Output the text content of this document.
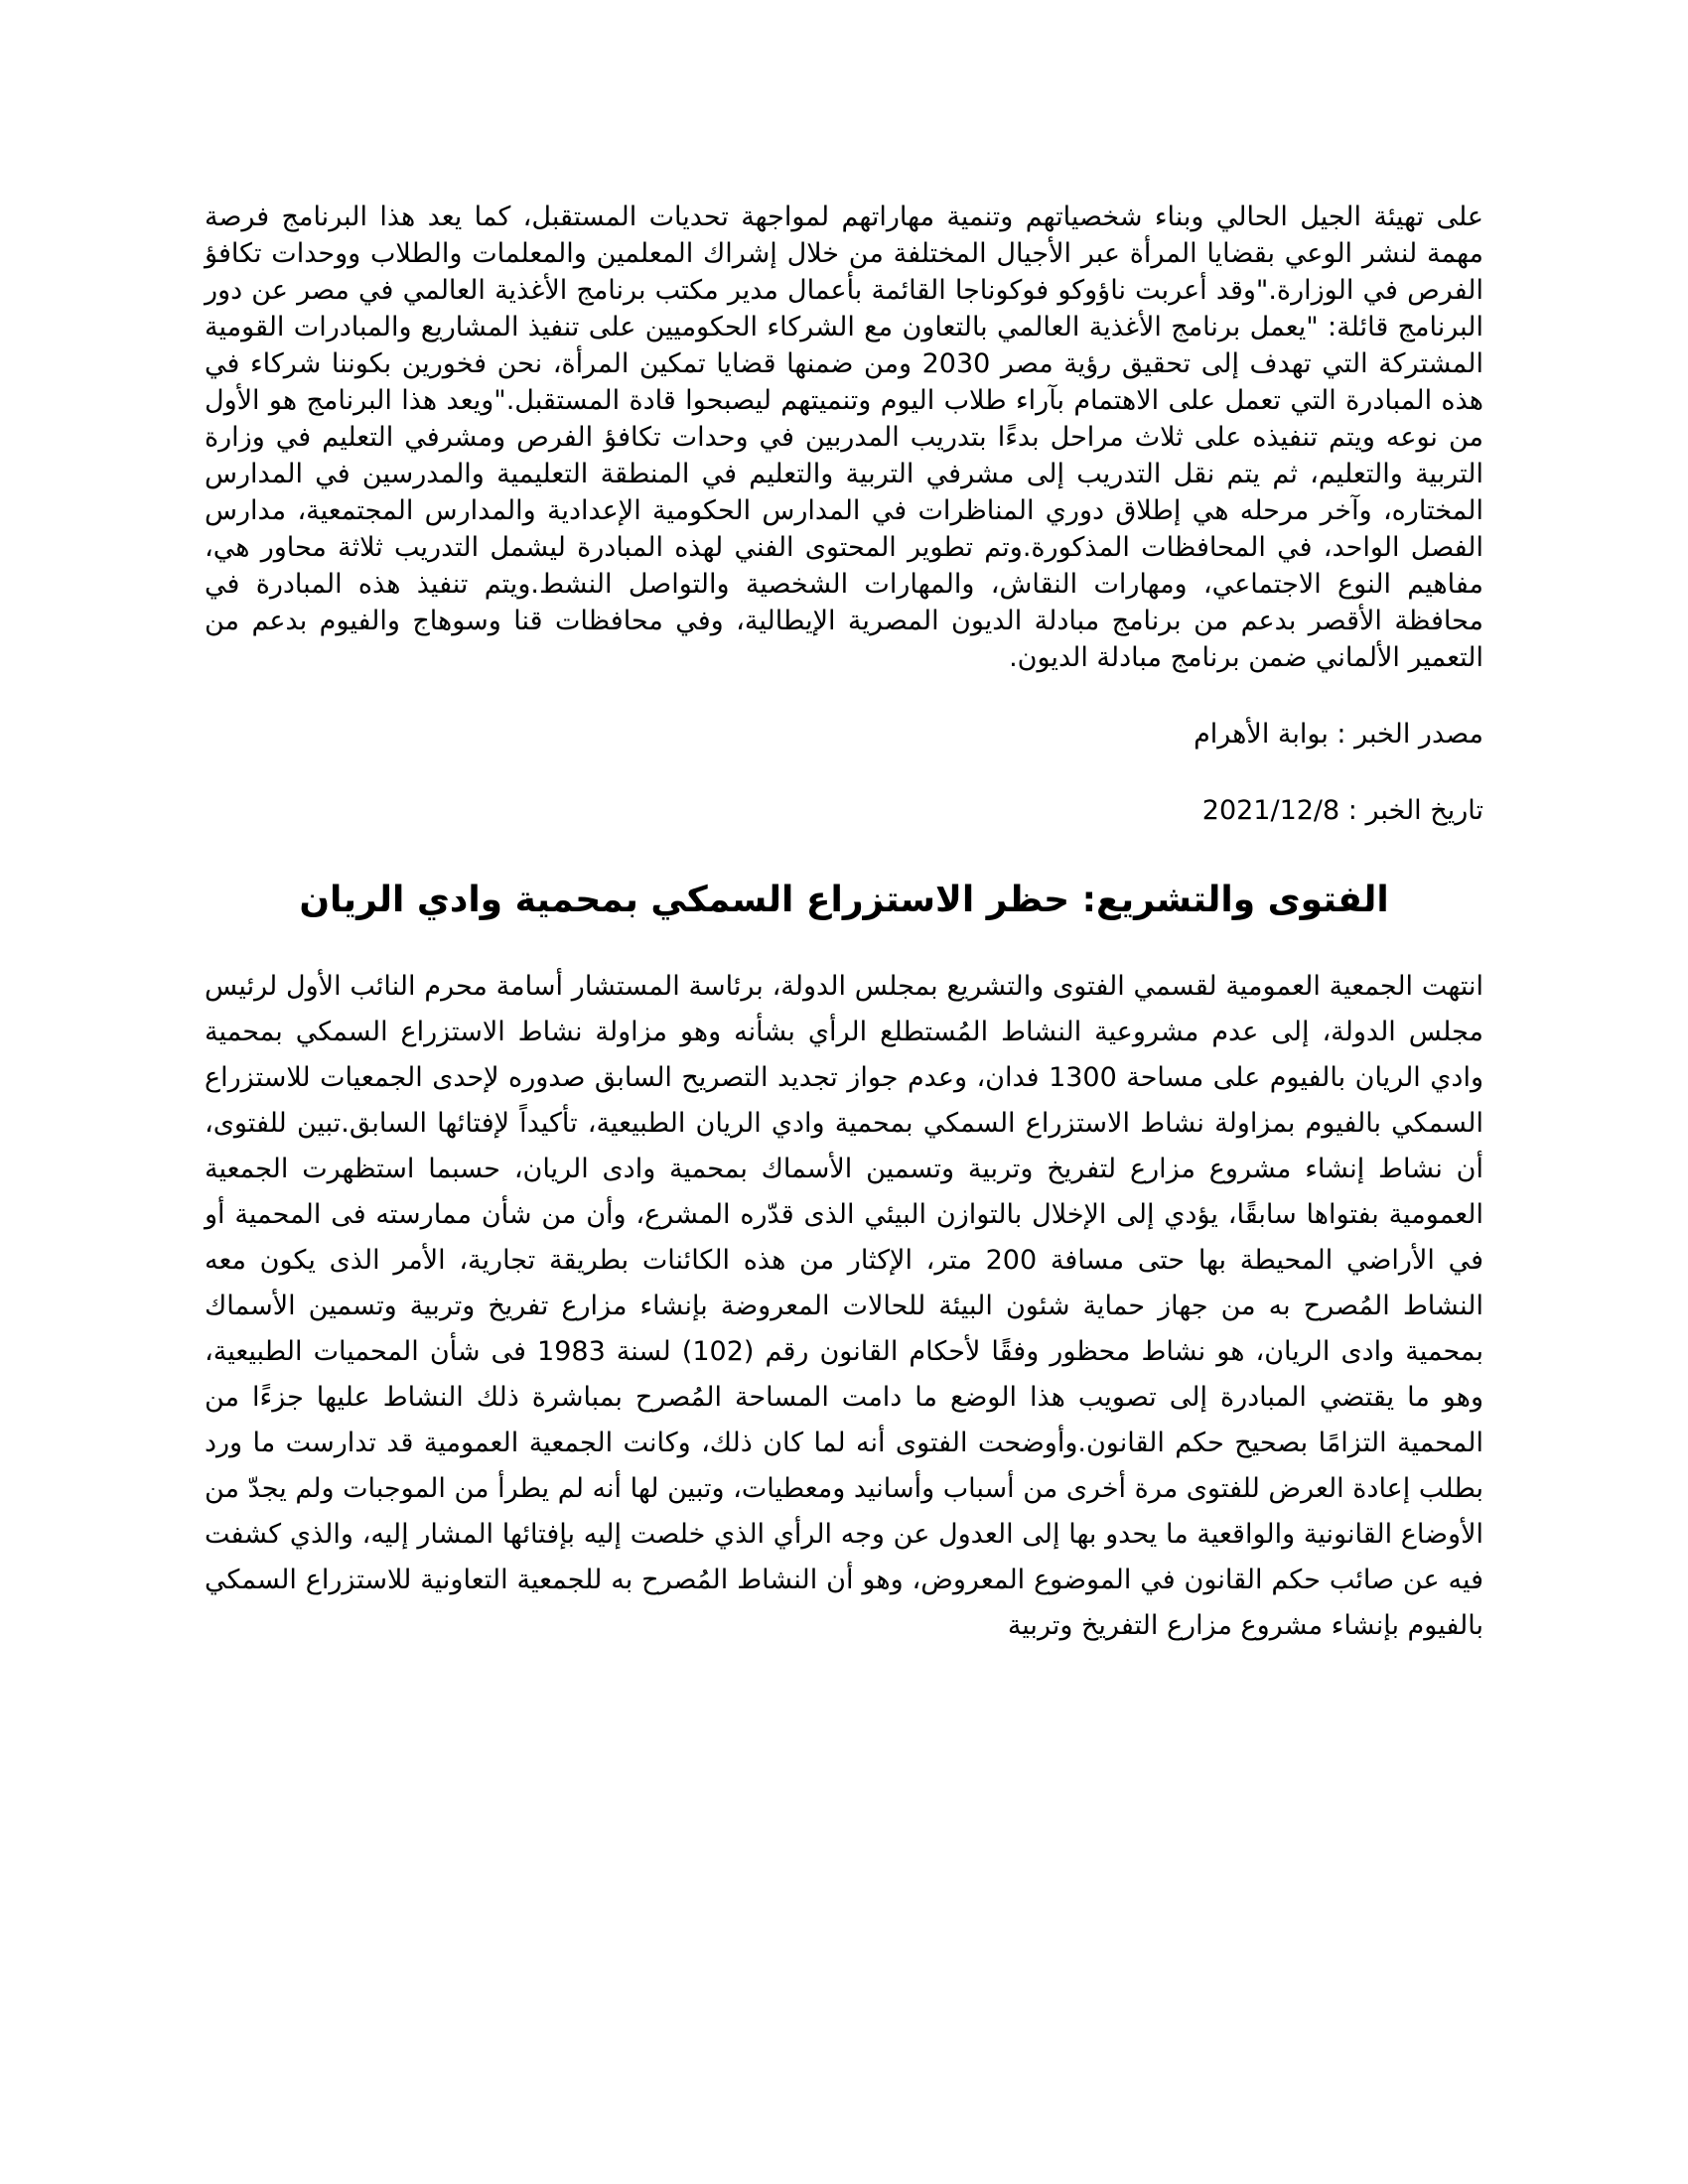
على تهيئة الجيل الحالي وبناء شخصياتهم وتنمية مهاراتهم لمواجهة تحديات المستقبل، كما يعد هذا البرنامج فرصة مهمة لنشر الوعي بقضايا المرأة عبر الأجيال المختلفة من خلال إشراك المعلمين والمعلمات والطلاب ووحدات تكافؤ الفرص في الوزارة."وقد أعربت ناؤوكو فوكوناجا القائمة بأعمال مدير مكتب برنامج الأغذية العالمي في مصر عن دور البرنامج قائلة: "يعمل برنامج الأغذية العالمي بالتعاون مع الشركاء الحكوميين على تنفيذ المشاريع والمبادرات القومية المشتركة التي تهدف إلى تحقيق رؤية مصر 2030 ومن ضمنها قضايا تمكين المرأة، نحن فخورين بكوننا شركاء في هذه المبادرة التي تعمل على الاهتمام بآراء طلاب اليوم وتنميتهم ليصبحوا قادة المستقبل."ويعد هذا البرنامج هو الأول من نوعه ويتم تنفيذه على ثلاث مراحل بدءًا بتدريب المدربين في وحدات تكافؤ الفرص ومشرفي التعليم في وزارة التربية والتعليم، ثم يتم نقل التدريب إلى مشرفي التربية والتعليم في المنطقة التعليمية والمدرسين في المدارس المختاره، وآخر مرحله هي إطلاق دوري المناظرات في المدارس الحكومية الإعدادية والمدارس المجتمعية، مدارس الفصل الواحد، في المحافظات المذكورة.وتم تطوير المحتوى الفني لهذه المبادرة ليشمل التدريب ثلاثة محاور هي، مفاهيم النوع الاجتماعي، ومهارات النقاش، والمهارات الشخصية والتواصل النشط.ويتم تنفيذ هذه المبادرة في محافظة الأقصر بدعم من برنامج مبادلة الديون المصرية الإيطالية، وفي محافظات قنا وسوهاج والفيوم بدعم من التعمير الألماني ضمن برنامج مبادلة الديون.

مصدر الخبر : بوابة الأهرام

تاريخ الخبر : 2021/12/8

الفتوى والتشريع: حظر الاستزراع السمكي بمحمية وادي الريان

انتهت الجمعية العمومية لقسمي الفتوى والتشريع بمجلس الدولة، برئاسة المستشار أسامة محرم النائب الأول لرئيس مجلس الدولة، إلى عدم مشروعية النشاط المُستطلع الرأي بشأنه وهو مزاولة نشاط الاستزراع السمكي بمحمية وادي الريان بالفيوم على مساحة 1300 فدان، وعدم جواز تجديد التصريح السابق صدوره لإحدى الجمعيات للاستزراع السمكي بالفيوم بمزاولة نشاط الاستزراع السمكي بمحمية وادي الريان الطبيعية، تأكيداً لإفتائها السابق.تبين للفتوى، أن نشاط إنشاء مشروع مزارع لتفريخ وتربية وتسمين الأسماك بمحمية وادى الريان، حسبما استظهرت الجمعية العمومية بفتواها سابقًا، يؤدي إلى الإخلال بالتوازن البيئي الذى قدّره المشرع، وأن من شأن ممارسته فى المحمية أو في الأراضي المحيطة بها حتى مسافة 200 متر، الإكثار من هذه الكائنات بطريقة تجارية، الأمر الذى يكون معه النشاط المُصرح به من جهاز حماية شئون البيئة للحالات المعروضة بإنشاء مزارع تفريخ وتربية وتسمين الأسماك بمحمية وادى الريان، هو نشاط محظور وفقًا لأحكام القانون رقم (102) لسنة 1983 فى شأن المحميات الطبيعية، وهو ما يقتضي المبادرة إلى تصويب هذا الوضع ما دامت المساحة المُصرح بمباشرة ذلك النشاط عليها جزءًا من المحمية التزامًا بصحيح حكم القانون.وأوضحت الفتوى أنه لما كان ذلك، وكانت الجمعية العمومية قد تدارست ما ورد بطلب إعادة العرض للفتوى مرة أخرى من أسباب وأسانيد ومعطيات، وتبين لها أنه لم يطرأ من الموجبات ولم يجدّ من الأوضاع القانونية والواقعية ما يحدو بها إلى العدول عن وجه الرأي الذي خلصت إليه بإفتائها المشار إليه، والذي كشفت فيه عن صائب حكم القانون في الموضوع المعروض، وهو أن النشاط المُصرح به للجمعية التعاونية للاستزراع السمكي بالفيوم بإنشاء مشروع مزارع التفريخ وتربية
